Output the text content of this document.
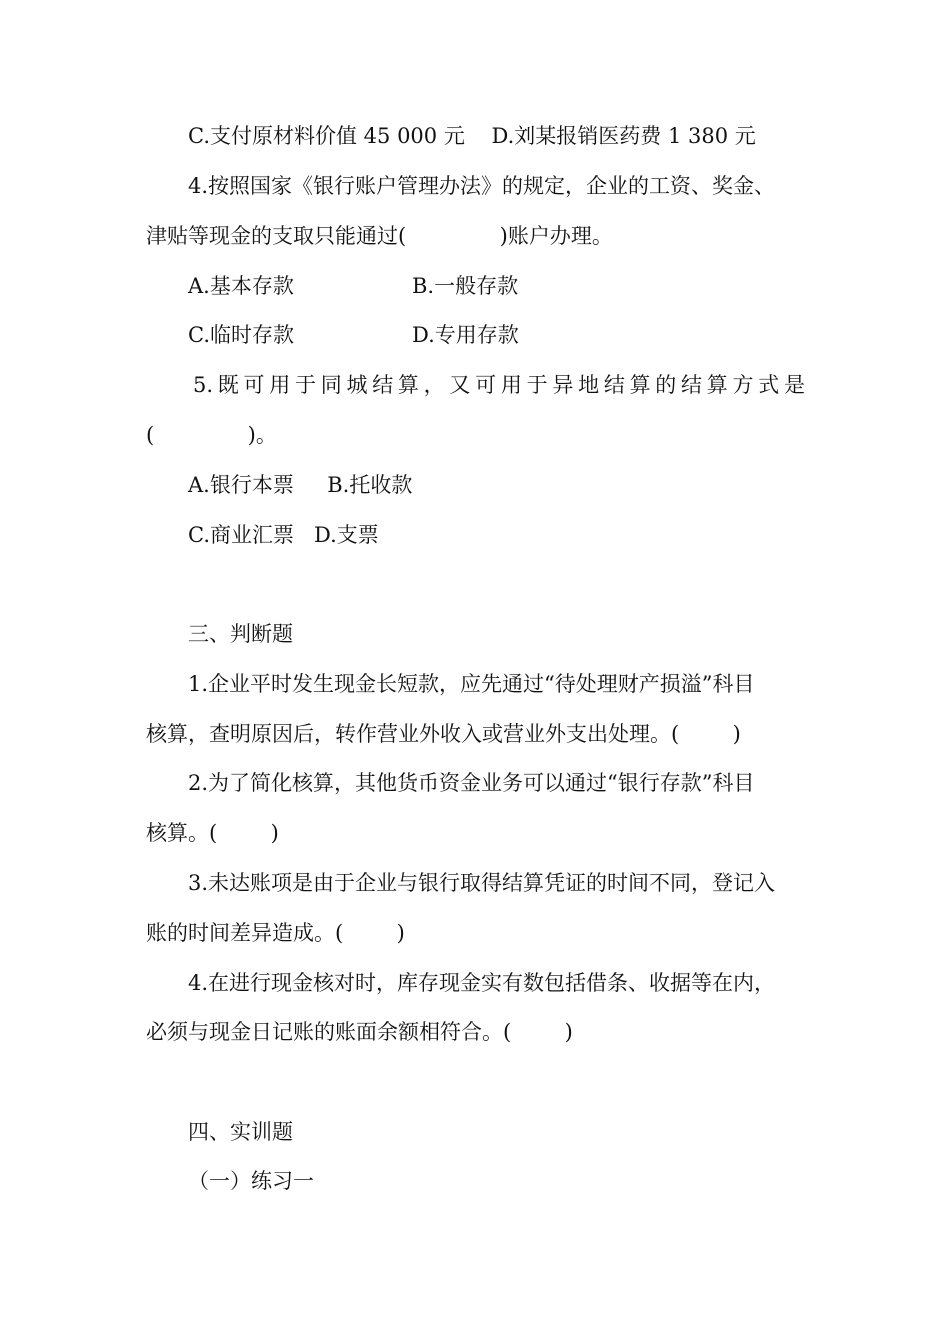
C.支付原材料价值 45 000 元    D.刘某报销医药费 1 380 元
4.按照国家《银行账户管理办法》的规定，企业的工资、奖金、
津贴等现金的支取只能通过(              )账户办理。
A.基本存款	B.一般存款
C.临时存款	D.专用存款
5.既可用于同城结算，又可用于异地结算的结算方式是
(              )。
A.银行本票     B.托收款
C.商业汇票   D.支票
三、判断题
1.企业平时发生现金长短款，应先通过“待处理财产损溢”科目
核算，查明原因后，转作营业外收入或营业外支出处理。(        )
2.为了简化核算，其他货币资金业务可以通过“银行存款”科目
核算。(        )
3.未达账项是由于企业与银行取得结算凭证的时间不同，登记入
账的时间差异造成。(        )
4.在进行现金核对时，库存现金实有数包括借条、收据等在内，
必须与现金日记账的账面余额相符合。(        )
四、实训题
（一）练习一
